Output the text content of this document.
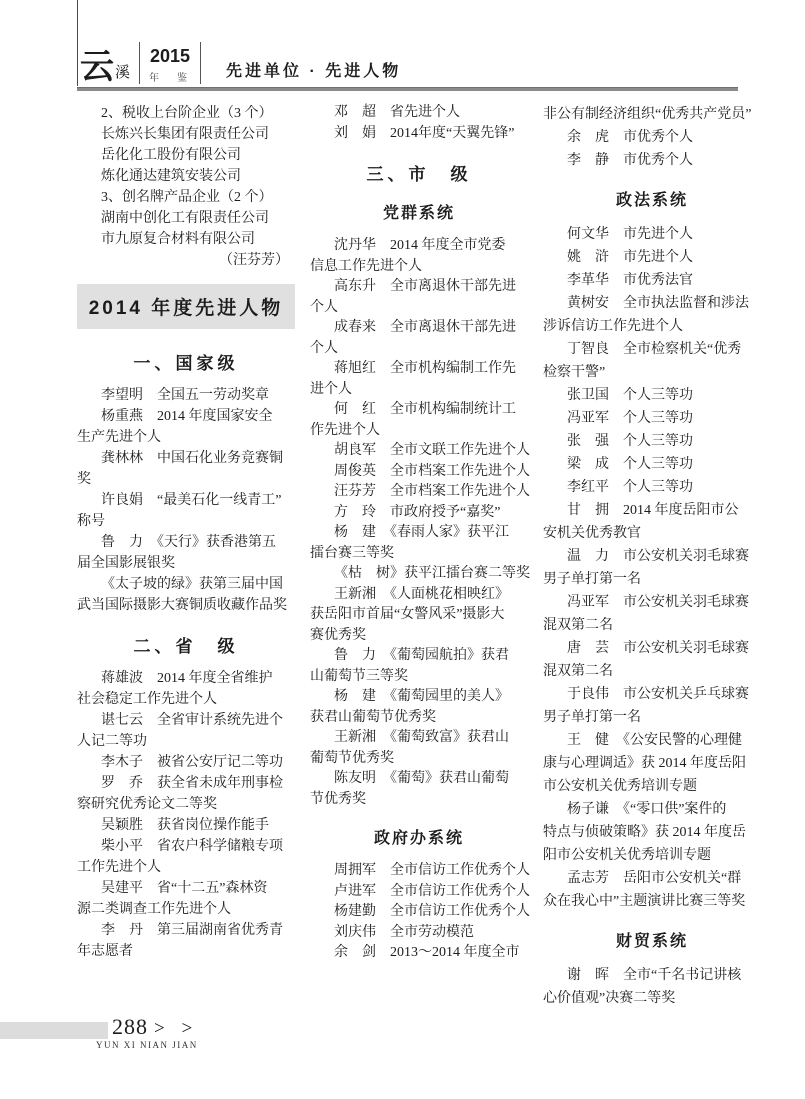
云 溪
2015
年　鉴 先进单位 · 先进人物
2、税收上台阶企业（3 个）
长炼兴长集团有限责任公司
岳化化工股份有限公司
炼化通达建筑安装公司
3、创名牌产品企业（2 个）
湖南中创化工有限责任公司
市九原复合材料有限公司
（汪芬芳）
2014 年度先进人物
一、国家级
李望明　全国五一劳动奖章
杨重燕　2014 年度国家安全
生产先进个人
龚林林　中国石化业务竞赛铜
奖
许良娟　“最美石化一线青工”
称号
鲁　力　《天行》获香港第五
届全国影展银奖
《太子坡的绿》获第三届中国
武当国际摄影大赛铜质收藏作品奖
二、省　级
蒋雄波　2014 年度全省维护
社会稳定工作先进个人
谌七云　全省审计系统先进个
人记二等功
李木子　被省公安厅记二等功
罗　乔　获全省未成年刑事检
察研究优秀论文二等奖
吴颖胜　获省岗位操作能手
柴小平　省农户科学储粮专项
工作先进个人
吴建平　省“十二五”森林资
源二类调查工作先进个人
李　丹　第三届湖南省优秀青
年志愿者
邓　超　省先进个人
刘　娟　2014年度“天翼先锋”
三、市　级
党群系统
沈丹华　2014 年度全市党委
信息工作先进个人
高东升　全市离退休干部先进
个人
成春来　全市离退休干部先进
个人
蒋旭红　全市机构编制工作先
进个人
何　红　全市机构编制统计工
作先进个人
胡良军　全市文联工作先进个人
周俊英　全市档案工作先进个人
汪芬芳　全市档案工作先进个人
方　玲　市政府授予“嘉奖”
杨　建　《春雨人家》获平江
擂台赛三等奖
《枯　树》获平江擂台赛二等奖
王新湘　《人面桃花相映红》
获岳阳市首届“女警风采”摄影大
赛优秀奖
鲁　力　《葡萄园航拍》获君
山葡萄节三等奖
杨　建　《葡萄园里的美人》
获君山葡萄节优秀奖
王新湘　《葡萄致富》获君山
葡萄节优秀奖
陈友明　《葡萄》获君山葡萄
节优秀奖
政府办系统
周拥军　全市信访工作优秀个人
卢进军　全市信访工作优秀个人
杨建勤　全市信访工作优秀个人
刘庆伟　全市劳动模范
余　剑　2013～2014 年度全市
非公有制经济组织“优秀共产党员”
余　虎　市优秀个人
李　静　市优秀个人
政法系统
何文华　市先进个人
姚　浒　市先进个人
李革华　市优秀法官
黄树安　全市执法监督和涉法
涉诉信访工作先进个人
丁智良　全市检察机关“优秀
检察干警”
张卫国　个人三等功
冯亚军　个人三等功
张　强　个人三等功
梁　成　个人三等功
李红平　个人三等功
甘　拥　2014 年度岳阳市公
安机关优秀教官
温　力　市公安机关羽毛球赛
男子单打第一名
冯亚军　市公安机关羽毛球赛
混双第二名
唐　芸　市公安机关羽毛球赛
混双第二名
于良伟　市公安机关乒乓球赛
男子单打第一名
王　健　《公安民警的心理健
康与心理调适》获 2014 年度岳阳
市公安机关优秀培训专题
杨子谦　《“零口供”案件的
特点与侦破策略》获 2014 年度岳
阳市公安机关优秀培训专题
孟志芳　岳阳市公安机关“群
众在我心中”主题演讲比赛三等奖
财贸系统
谢　晖　全市“千名书记讲核
心价值观”决赛二等奖
288 > >
YUN XI NIAN JIAN
